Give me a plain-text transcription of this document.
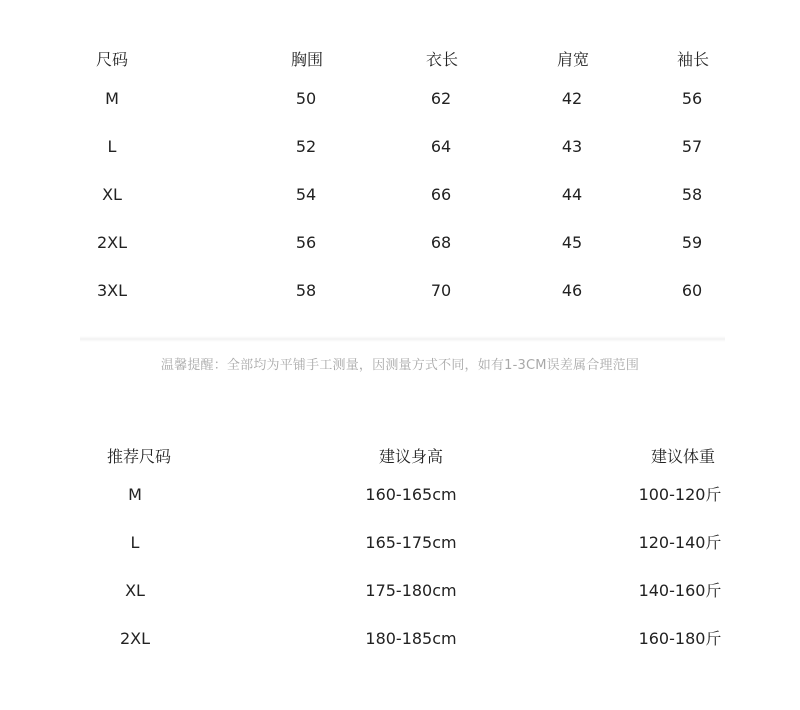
尺码	胸围	衣长	肩宽	袖长
M	50	62	42	56
L	52	64	43	57
XL	54	66	44	58
2XL	56	68	45	59
3XL	58	70	46	60
温馨提醒：全部均为平铺手工测量，因测量方式不同，如有1-3CM误差属合理范围
推荐尺码	建议身高	建议体重
M	160-165cm	100-120斤
L	165-175cm	120-140斤
XL	175-180cm	140-160斤
2XL	180-185cm	160-180斤
